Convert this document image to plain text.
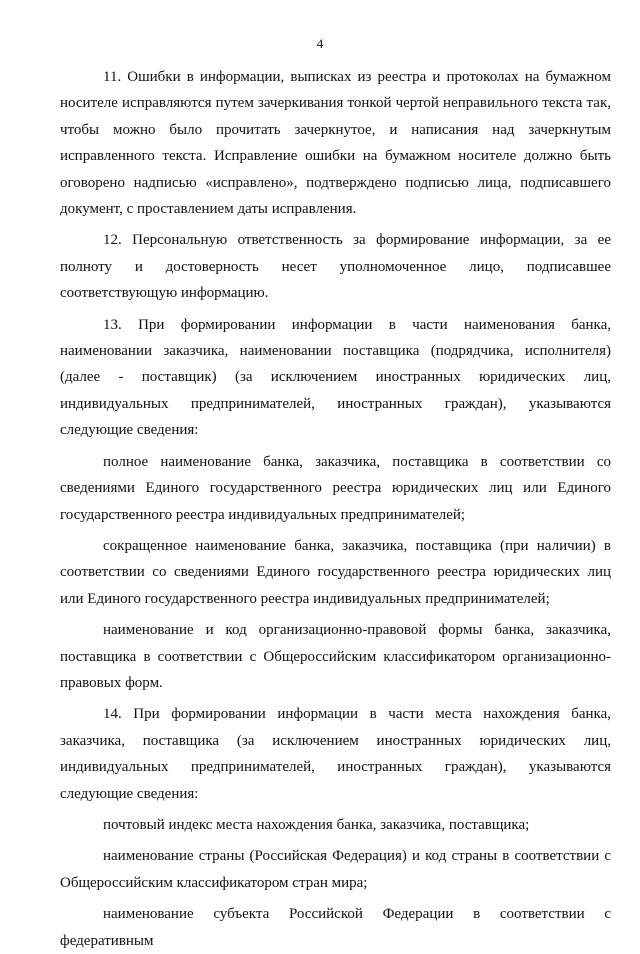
4

11. Ошибки в информации, выписках из реестра и протоколах на бумажном носителе исправляются путем зачеркивания тонкой чертой неправильного текста так, чтобы можно было прочитать зачеркнутое, и написания над зачеркнутым исправленного текста. Исправление ошибки на бумажном носителе должно быть оговорено надписью «исправлено», подтверждено подписью лица, подписавшего документ, с проставлением даты исправления.

12. Персональную ответственность за формирование информации, за ее полноту и достоверность несет уполномоченное лицо, подписавшее соответствующую информацию.

13. При формировании информации в части наименования банка, наименовании заказчика, наименовании поставщика (подрядчика, исполнителя) (далее - поставщик) (за исключением иностранных юридических лиц, индивидуальных предпринимателей, иностранных граждан), указываются следующие сведения:

полное наименование банка, заказчика, поставщика в соответствии со сведениями Единого государственного реестра юридических лиц или Единого государственного реестра индивидуальных предпринимателей;

сокращенное наименование банка, заказчика, поставщика (при наличии) в соответствии со сведениями Единого государственного реестра юридических лиц или Единого государственного реестра индивидуальных предпринимателей;

наименование и код организационно-правовой формы банка, заказчика, поставщика в соответствии с Общероссийским классификатором организационно-правовых форм.

14. При формировании информации в части места нахождения банка, заказчика, поставщика (за исключением иностранных юридических лиц, индивидуальных предпринимателей, иностранных граждан), указываются следующие сведения:

почтовый индекс места нахождения банка, заказчика, поставщика;

наименование страны (Российская Федерация) и код страны в соответствии с Общероссийским классификатором стран мира;

наименование субъекта Российской Федерации в соответствии с федеративным
